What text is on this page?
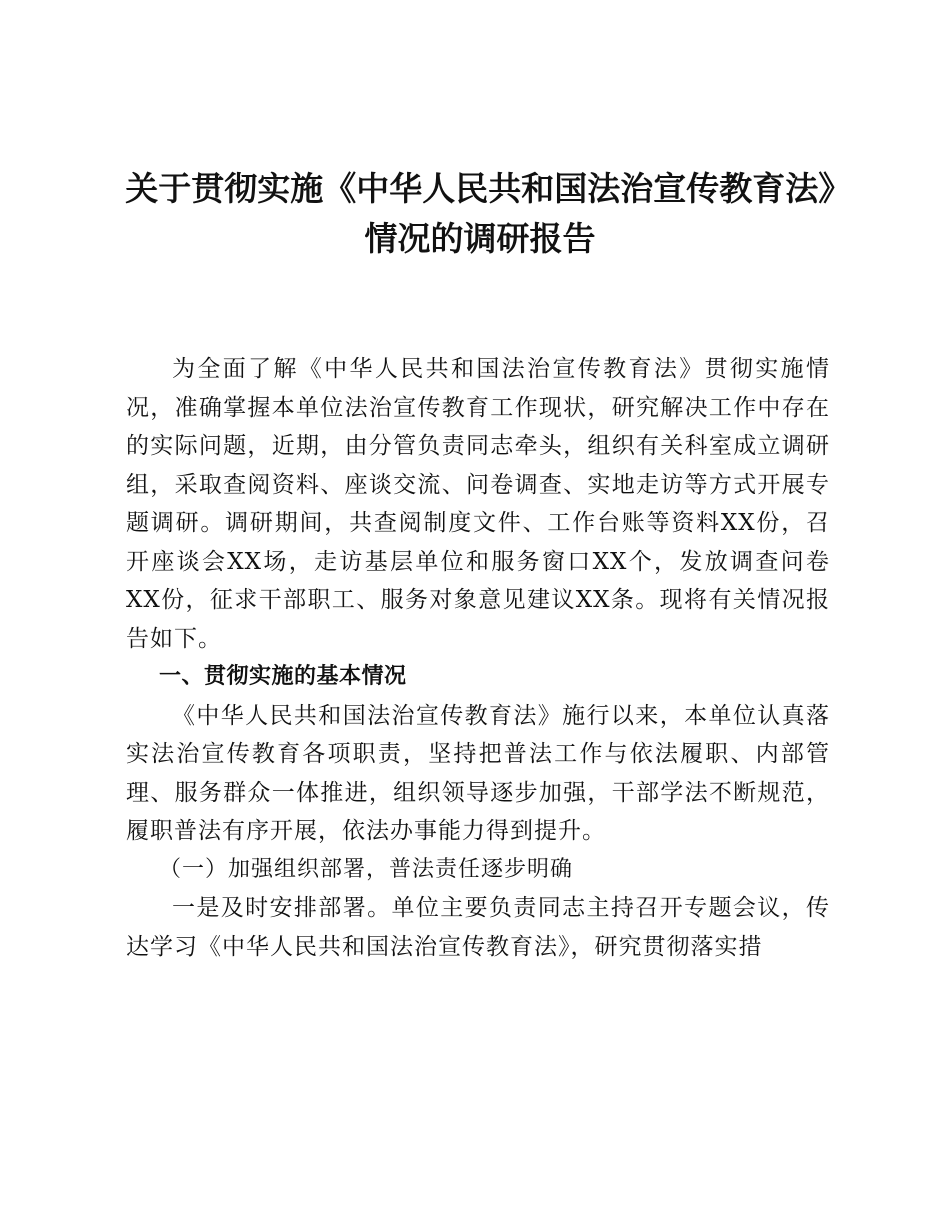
关于贯彻实施《中华人民共和国法治宣传教育法》情况的调研报告

为全面了解《中华人民共和国法治宣传教育法》贯彻实施情况，准确掌握本单位法治宣传教育工作现状，研究解决工作中存在的实际问题，近期，由分管负责同志牵头，组织有关科室成立调研组，采取查阅资料、座谈交流、问卷调查、实地走访等方式开展专题调研。调研期间，共查阅制度文件、工作台账等资料XX份，召开座谈会XX场，走访基层单位和服务窗口XX个，发放调查问卷XX份，征求干部职工、服务对象意见建议XX条。现将有关情况报告如下。

一、贯彻实施的基本情况

《中华人民共和国法治宣传教育法》施行以来，本单位认真落实法治宣传教育各项职责，坚持把普法工作与依法履职、内部管理、服务群众一体推进，组织领导逐步加强，干部学法不断规范，履职普法有序开展，依法办事能力得到提升。

（一）加强组织部署，普法责任逐步明确

一是及时安排部署。单位主要负责同志主持召开专题会议，传达学习《中华人民共和国法治宣传教育法》，研究贯彻落实措
